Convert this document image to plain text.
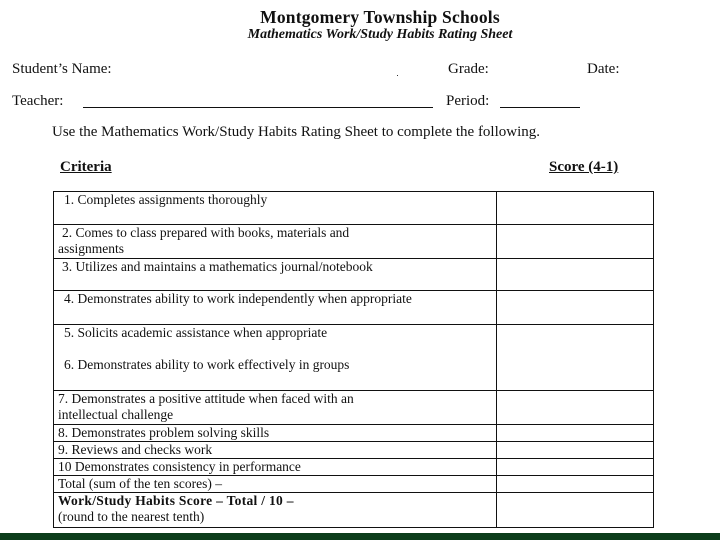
Montgomery Township Schools
Mathematics Work/Study Habits Rating Sheet
Student’s Name:	Grade:	Date:
Teacher:	Period:
Use the Mathematics Work/Study Habits Rating Sheet to complete the following.
Criteria	Score (4-1)
1. Completes assignments thoroughly	

2. Comes to class prepared with books, materials and
assignments	

3. Utilizes and maintains a mathematics journal/notebook	
4. Demonstrates ability to work independently when appropriate	

5. Solicits academic assistance when appropriate
6. Demonstrates ability to work effectively in groups	

7. Demonstrates a positive attitude when faced with an
intellectual challenge	

8. Demonstrates problem solving skills	
9. Reviews and checks work	
10 Demonstrates consistency in performance	
Total (sum of the ten scores) –	

Work/Study Habits Score – Total / 10 –
(round to the nearest tenth)	
